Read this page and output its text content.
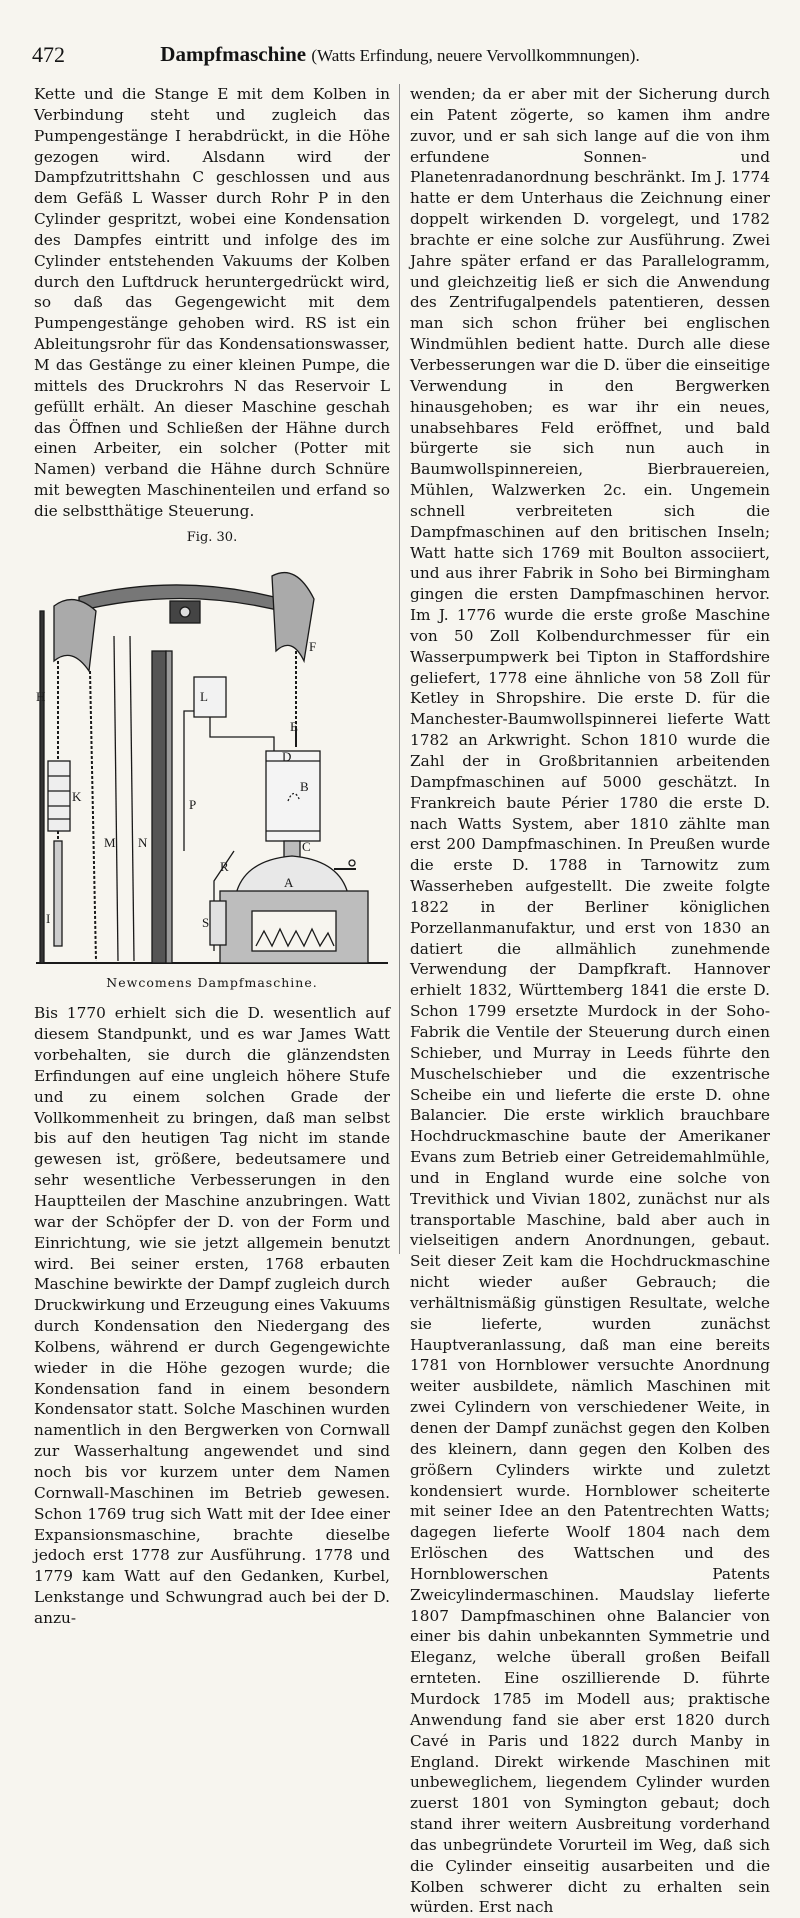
472	Dampfmaschine (Watts Erfindung, neuere Vervollkommnungen).

Kette und die Stange E mit dem Kolben in Verbindung steht und zugleich das Pumpengestänge I herabdrückt, in die Höhe gezogen wird. Alsdann wird der Dampfzutrittshahn C geschlossen und aus dem Gefäß L Wasser durch Rohr P in den Cylinder gespritzt, wobei eine Kondensation des Dampfes eintritt und infolge des im Cylinder entstehenden Vakuums der Kolben durch den Luftdruck heruntergedrückt wird, so daß das Gegengewicht mit dem Pumpengestänge gehoben wird. RS ist ein Ableitungsrohr für das Kondensationswasser, M das Gestänge zu einer kleinen Pumpe, die mittels des Druckrohrs N das Reservoir L gefüllt erhält. An dieser Maschine geschah das Öffnen und Schließen der Hähne durch einen Arbeiter, ein solcher (Potter mit Namen) verband die Hähne durch Schnüre mit bewegten Maschinenteilen und erfand so die selbstthätige Steuerung.

Fig. 30.
F
L
E
D
B
C
A
H
K
I
M N
P
R
S
Newcomens Dampfmaschine.

Bis 1770 erhielt sich die D. wesentlich auf diesem Standpunkt, und es war James Watt vorbehalten, sie durch die glänzendsten Erfindungen auf eine ungleich höhere Stufe und zu einem solchen Grade der Vollkommenheit zu bringen, daß man selbst bis auf den heutigen Tag nicht im stande gewesen ist, größere, bedeutsamere und sehr wesentliche Verbesserungen in den Hauptteilen der Maschine anzubringen. Watt war der Schöpfer der D. von der Form und Einrichtung, wie sie jetzt allgemein benutzt wird. Bei seiner ersten, 1768 erbauten Maschine bewirkte der Dampf zugleich durch Druckwirkung und Erzeugung eines Vakuums durch Kondensation den Niedergang des Kolbens, während er durch Gegengewichte wieder in die Höhe gezogen wurde; die Kondensation fand in einem besondern Kondensator statt. Solche Maschinen wurden namentlich in den Bergwerken von Cornwall zur Wasserhaltung angewendet und sind noch bis vor kurzem unter dem Namen Cornwall-Maschinen im Betrieb gewesen. Schon 1769 trug sich Watt mit der Idee einer Expansionsmaschine, brachte dieselbe jedoch erst 1778 zur Ausführung. 1778 und 1779 kam Watt auf den Gedanken, Kurbel, Lenkstange und Schwungrad auch bei der D. anzu-

wenden; da er aber mit der Sicherung durch ein Patent zögerte, so kamen ihm andre zuvor, und er sah sich lange auf die von ihm erfundene Sonnen- und Planetenradanordnung beschränkt. Im J. 1774 hatte er dem Unterhaus die Zeichnung einer doppelt wirkenden D. vorgelegt, und 1782 brachte er eine solche zur Ausführung. Zwei Jahre später erfand er das Parallelogramm, und gleichzeitig ließ er sich die Anwendung des Zentrifugalpendels patentieren, dessen man sich schon früher bei englischen Windmühlen bedient hatte. Durch alle diese Verbesserungen war die D. über die einseitige Verwendung in den Bergwerken hinausgehoben; es war ihr ein neues, unabsehbares Feld eröffnet, und bald bürgerte sie sich nun auch in Baumwollspinnereien, Bierbrauereien, Mühlen, Walzwerken 2c. ein. Ungemein schnell verbreiteten sich die Dampfmaschinen auf den britischen Inseln; Watt hatte sich 1769 mit Boulton associiert, und aus ihrer Fabrik in Soho bei Birmingham gingen die ersten Dampfmaschinen hervor. Im J. 1776 wurde die erste große Maschine von 50 Zoll Kolbendurchmesser für ein Wasserpumpwerk bei Tipton in Staffordshire geliefert, 1778 eine ähnliche von 58 Zoll für Ketley in Shropshire. Die erste D. für die Manchester-Baumwollspinnerei lieferte Watt 1782 an Arkwright. Schon 1810 wurde die Zahl der in Großbritannien arbeitenden Dampfmaschinen auf 5000 geschätzt. In Frankreich baute Périer 1780 die erste D. nach Watts System, aber 1810 zählte man erst 200 Dampfmaschinen. In Preußen wurde die erste D. 1788 in Tarnowitz zum Wasserheben aufgestellt. Die zweite folgte 1822 in der Berliner königlichen Porzellanmanufaktur, und erst von 1830 an datiert die allmählich zunehmende Verwendung der Dampfkraft. Hannover erhielt 1832, Württemberg 1841 die erste D. Schon 1799 ersetzte Murdock in der Soho-Fabrik die Ventile der Steuerung durch einen Schieber, und Murray in Leeds führte den Muschelschieber und die exzentrische Scheibe ein und lieferte die erste D. ohne Balancier. Die erste wirklich brauchbare Hochdruckmaschine baute der Amerikaner Evans zum Betrieb einer Getreidemahlmühle, und in England wurde eine solche von Trevithick und Vivian 1802, zunächst nur als transportable Maschine, bald aber auch in vielseitigen andern Anordnungen, gebaut. Seit dieser Zeit kam die Hochdruckmaschine nicht wieder außer Gebrauch; die verhältnismäßig günstigen Resultate, welche sie lieferte, wurden zunächst Hauptveranlassung, daß man eine bereits 1781 von Hornblower versuchte Anordnung weiter ausbildete, nämlich Maschinen mit zwei Cylindern von verschiedener Weite, in denen der Dampf zunächst gegen den Kolben des kleinern, dann gegen den Kolben des größern Cylinders wirkte und zuletzt kondensiert wurde. Hornblower scheiterte mit seiner Idee an den Patentrechten Watts; dagegen lieferte Woolf 1804 nach dem Erlöschen des Wattschen und des Hornblowerschen Patents Zweicylindermaschinen. Maudslay lieferte 1807 Dampfmaschinen ohne Balancier von einer bis dahin unbekannten Symmetrie und Eleganz, welche überall großen Beifall ernteten. Eine oszillierende D. führte Murdock 1785 im Modell aus; praktische Anwendung fand sie aber erst 1820 durch Cavé in Paris und 1822 durch Manby in England. Direkt wirkende Maschinen mit unbeweglichem, liegendem Cylinder wurden zuerst 1801 von Symington gebaut; doch stand ihrer weitern Ausbreitung vorderhand das unbegründete Vorurteil im Weg, daß sich die Cylinder einseitig ausarbeiten und die Kolben schwerer dicht zu erhalten sein würden. Erst nach
